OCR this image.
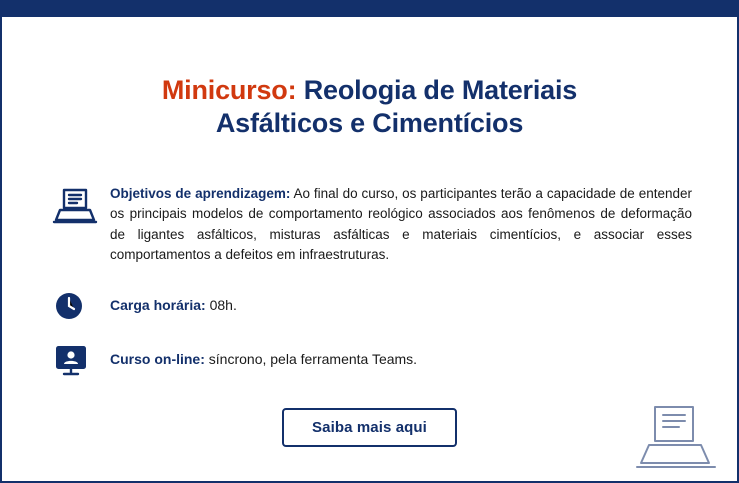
Minicurso: Reologia de Materiais
Asfálticos e Cimentícios
Objetivos de aprendizagem: Ao final do curso, os participantes terão a capacidade de entender os principais modelos de comportamento reológico associados aos fenômenos de deformação de ligantes asfálticos, misturas asfálticas e materiais cimentícios, e associar esses comportamentos a defeitos em infraestruturas.
Carga horária: 08h.
Curso on-line: síncrono, pela ferramenta Teams.
Saiba mais aqui
